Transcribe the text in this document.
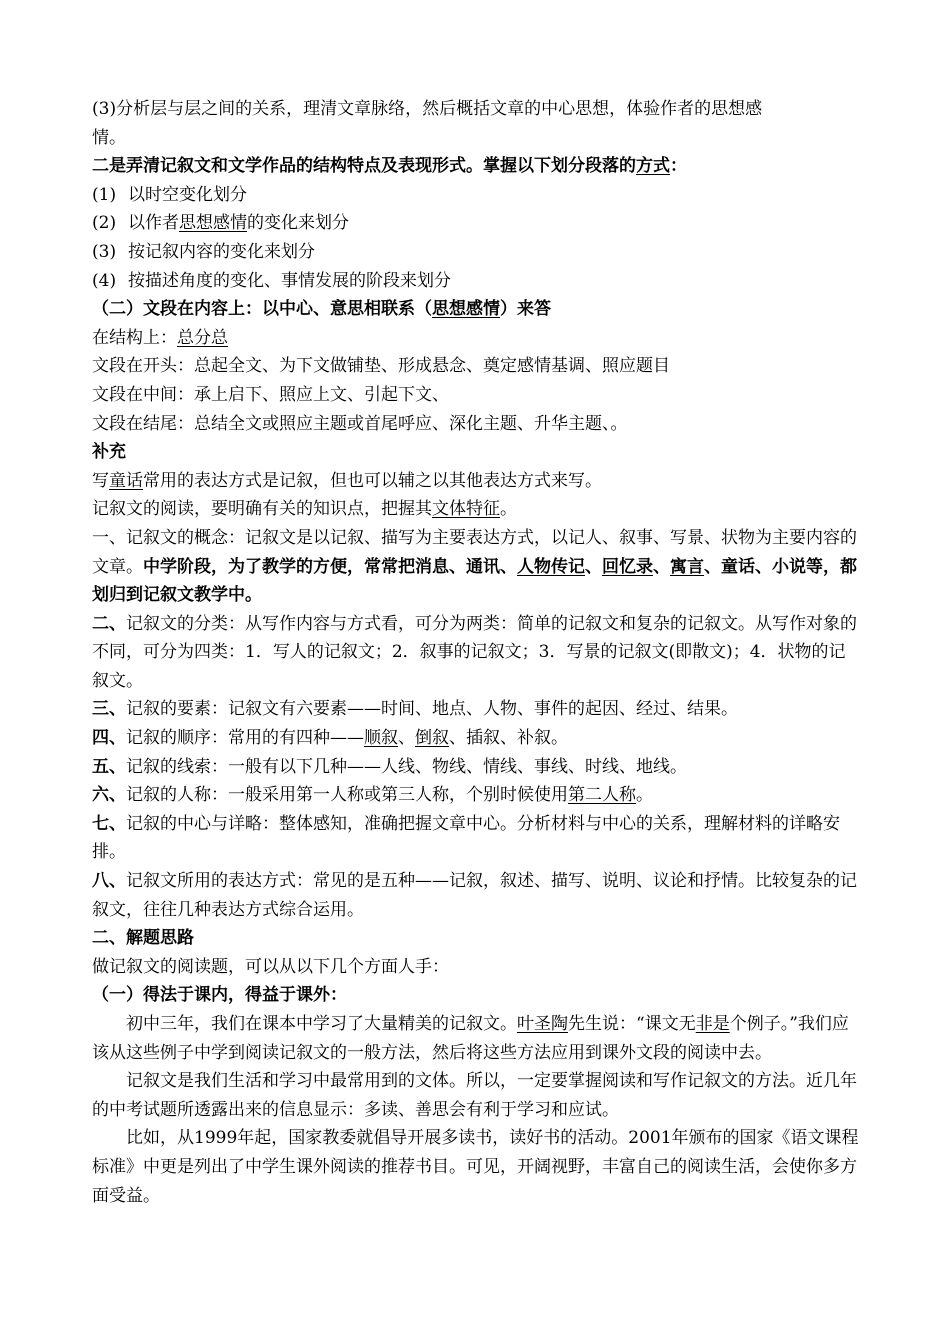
(3)分析层与层之间的关系，理清文章脉络，然后概括文章的中心思想，体验作者的思想感
情。
二是弄清记叙文和文学作品的结构特点及表现形式。掌握以下划分段落的方式：
(1) 以时空变化划分
(2) 以作者思想感情的变化来划分
(3) 按记叙内容的变化来划分
(4) 按描述角度的变化、事情发展的阶段来划分
（二）文段在内容上：以中心、意思相联系（思想感情）来答
在结构上：总分总
文段在开头：总起全文、为下文做铺垫、形成悬念、奠定感情基调、照应题目
文段在中间：承上启下、照应上文、引起下文、
文段在结尾：总结全文或照应主题或首尾呼应、深化主题、升华主题、。
补充
写童话常用的表达方式是记叙，但也可以辅之以其他表达方式来写。
记叙文的阅读，要明确有关的知识点，把握其文体特征。
一、记叙文的概念：记叙文是以记叙、描写为主要表达方式，以记人、叙事、写景、状物为主要内容的文章。中学阶段，为了教学的方便，常常把消息、通讯、人物传记、回忆录、寓言、童话、小说等，都划归到记叙文教学中。
二、记叙文的分类：从写作内容与方式看，可分为两类：简单的记叙文和复杂的记叙文。从写作对象的不同，可分为四类：1．写人的记叙文；2．叙事的记叙文；3．写景的记叙文(即散文)；4．状物的记叙文。
三、记叙的要素：记叙文有六要素——时间、地点、人物、事件的起因、经过、结果。
四、记叙的顺序：常用的有四种——顺叙、倒叙、插叙、补叙。
五、记叙的线索：一般有以下几种——人线、物线、情线、事线、时线、地线。
六、记叙的人称：一般采用第一人称或第三人称，个别时候使用第二人称。
七、记叙的中心与详略：整体感知，准确把握文章中心。分析材料与中心的关系，理解材料的详略安排。
八、记叙文所用的表达方式：常见的是五种——记叙，叙述、描写、说明、议论和抒情。比较复杂的记叙文，往往几种表达方式综合运用。
二、解题思路
做记叙文的阅读题，可以从以下几个方面人手：
（一）得法于课内，得益于课外：
初中三年，我们在课本中学习了大量精美的记叙文。叶圣陶先生说：“课文无非是个例子。”我们应该从这些例子中学到阅读记叙文的一般方法，然后将这些方法应用到课外文段的阅读中去。
记叙文是我们生活和学习中最常用到的文体。所以，一定要掌握阅读和写作记叙文的方法。近几年的中考试题所透露出来的信息显示：多读、善思会有利于学习和应试。
比如，从1999年起，国家教委就倡导开展多读书，读好书的活动。2001年颁布的国家《语文课程标准》中更是列出了中学生课外阅读的推荐书目。可见，开阔视野，丰富自己的阅读生活，会使你多方面受益。
